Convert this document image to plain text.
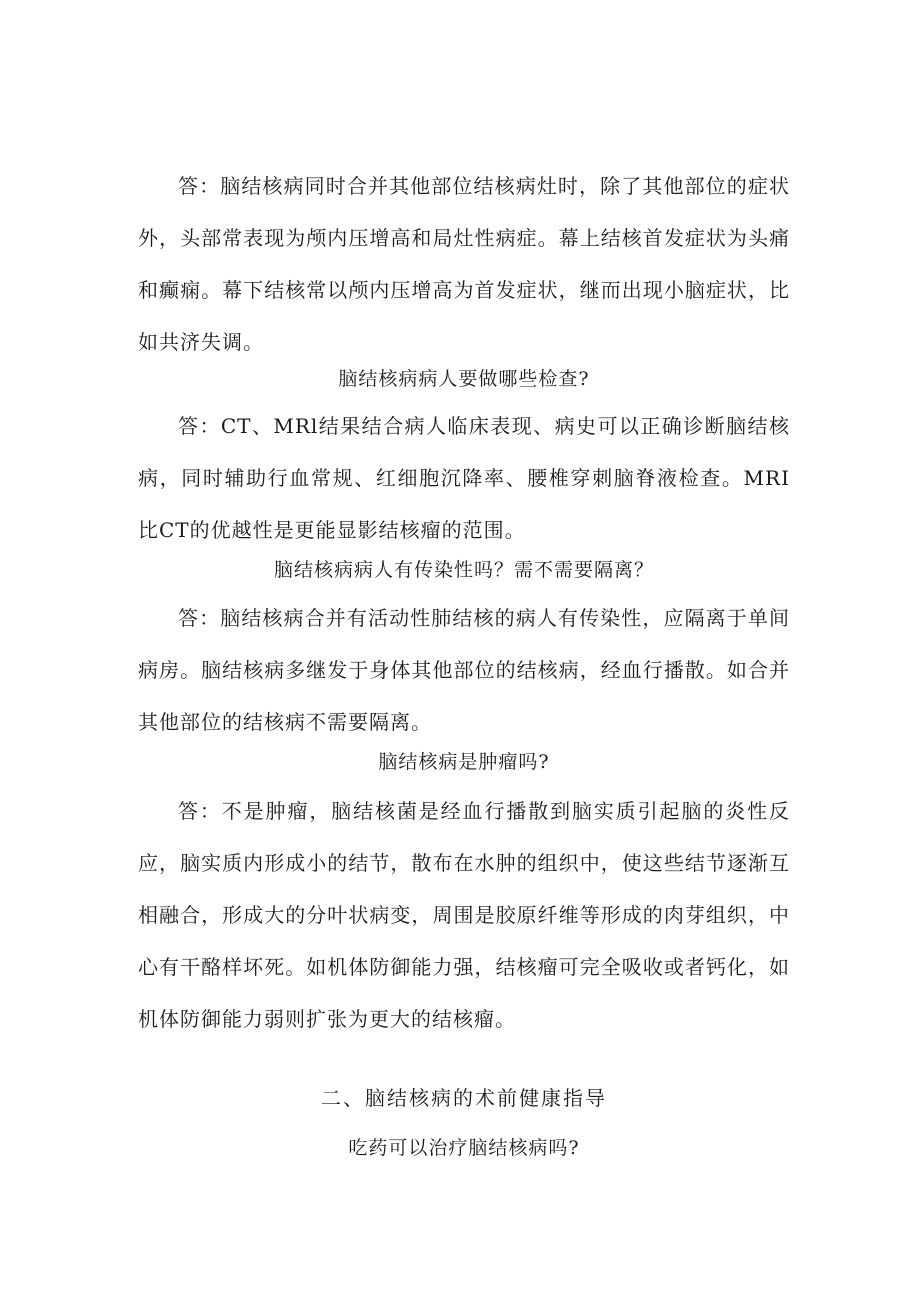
答：脑结核病同时合并其他部位结核病灶时，除了其他部位的症状外，头部常表现为颅内压增高和局灶性病症。幕上结核首发症状为头痛和癫痫。幕下结核常以颅内压增高为首发症状，继而出现小脑症状，比如共济失调。

脑结核病病人要做哪些检查?

答：CT、MRl结果结合病人临床表现、病史可以正确诊断脑结核病，同时辅助行血常规、红细胞沉降率、腰椎穿刺脑脊液检查。MRI比CT的优越性是更能显影结核瘤的范围。

脑结核病病人有传染性吗？需不需要隔离？

答：脑结核病合并有活动性肺结核的病人有传染性，应隔离于单间病房。脑结核病多继发于身体其他部位的结核病，经血行播散。如合并其他部位的结核病不需要隔离。

脑结核病是肿瘤吗?

答：不是肿瘤，脑结核菌是经血行播散到脑实质引起脑的炎性反应，脑实质内形成小的结节，散布在水肿的组织中，使这些结节逐渐互相融合，形成大的分叶状病变，周围是胶原纤维等形成的肉芽组织，中心有干酪样坏死。如机体防御能力强，结核瘤可完全吸收或者钙化，如机体防御能力弱则扩张为更大的结核瘤。

二、脑结核病的术前健康指导

吃药可以治疗脑结核病吗?
